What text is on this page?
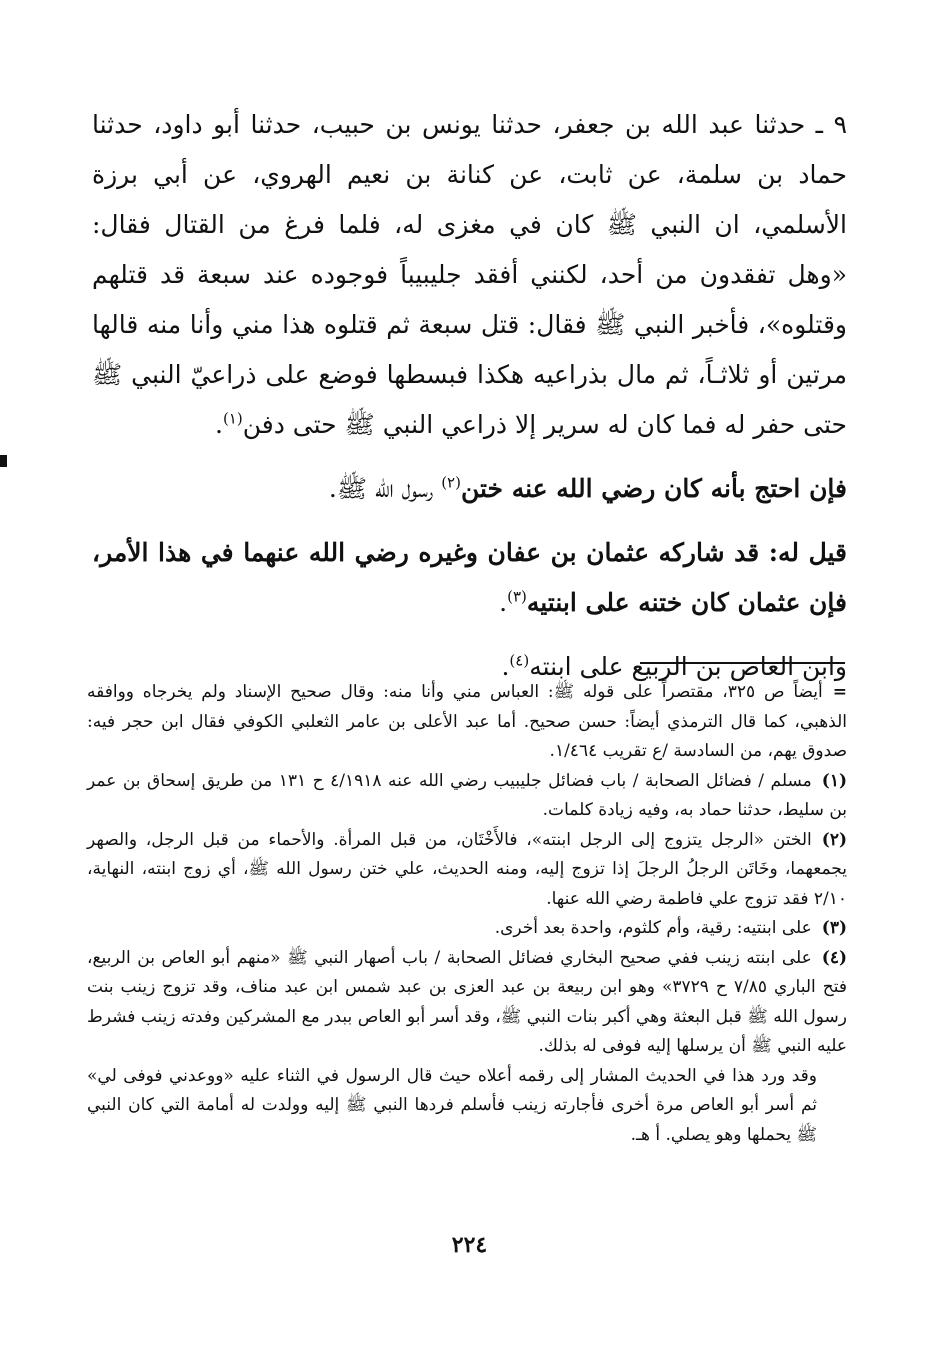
٩ ـ حدثنا عبد الله بن جعفر، حدثنا يونس بن حبيب، حدثنا أبو داود، حدثنا حماد بن سلمة، عن ثابت، عن كنانة بن نعيم الهروي، عن أبي برزة الأسلمي، ان النبي ﷺ كان في مغزى له، فلما فرغ من القتال فقال: «وهل تفقدون من أحد، لكنني أفقد جليبيباً فوجوده عند سبعة قد قتلهم وقتلوه»، فأخبر النبي ﷺ فقال: قتل سبعة ثم قتلوه هذا مني وأنا منه قالها مرتين أو ثلاثـاً، ثم مال بذراعيه هكذا فبسطها فوضع على ذراعيّ النبي ﷺ حتى حفر له فما كان له سرير إلا ذراعي النبي ﷺ حتى دفن$^{(١)}$.

فإن احتج بأنه كان رضي الله عنه ختن$^{(٢)}$ رسول الله ﷺ.

قيل له: قد شاركه عثمان بن عفان وغيره رضي الله عنهما في هذا الأمر، فإن عثمان كان ختنه على ابنتيه$^{(٣)}$.

وابن العاص بن الربيع على ابنته$^{(٤)}$.

=أيضاً ص ٣٢٥، مقتصراً على قوله ﷺ: العباس مني وأنا منه: وقال صحيح الإسناد ولم يخرجاه ووافقه الذهبي، كما قال الترمذي أيضاً: حسن صحيح. أما عبد الأعلى بن عامر الثعلبي الكوفي فقال ابن حجر فيه: صدوق يهم، من السادسة /ع تقريب ١/٤٦٤.

(١)مسلم / فضائل الصحابة / باب فضائل جليبيب رضي الله عنه ٤/١٩١٨ ح ١٣١ من طريق إسحاق بن عمر بن سليط، حدثنا حماد به، وفيه زيادة كلمات.

(٢)الختن «الرجل يتزوج إلى الرجل ابنته»، فالأَخْتَان، من قبل المرأة. والأحماء من قبل الرجل، والصهر يجمعهما، وخَاتَن الرجلُ الرجلَ إذا تزوج إليه، ومنه الحديث، علي ختن رسول الله ﷺ، أي زوج ابنته، النهاية، ٢/١٠ فقد تزوج علي فاطمة رضي الله عنها.

(٣)على ابنتيه: رقية، وأم كلثوم، واحدة بعد أخرى.

(٤)على ابنته زينب ففي صحيح البخاري فضائل الصحابة / باب أصهار النبي ﷺ «منهم أبو العاص بن الربيع، فتح الباري ٧/٨٥ ح ٣٧٢٩» وهو ابن ربيعة بن عبد العزى بن عبد شمس ابن عبد مناف، وقد تزوج زينب بنت رسول الله ﷺ قبل البعثة وهي أكبر بنات النبي ﷺ، وقد أسر أبو العاص ببدر مع المشركين وفدته زينب فشرط عليه النبي ﷺ أن يرسلها إليه فوفى له بذلك.

وقد ورد هذا في الحديث المشار إلى رقمه أعلاه حيث قال الرسول في الثناء عليه «ووعدني فوفى لي» ثم أسر أبو العاص مرة أخرى فأجارته زينب فأسلم فردها النبي ﷺ إليه وولدت له أمامة التي كان النبي ﷺ يحملها وهو يصلي. أ هـ.

٢٢٤
